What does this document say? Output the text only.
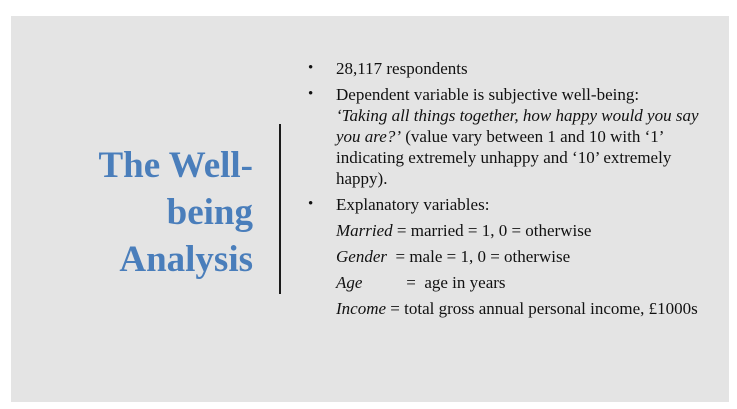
The Well-
being
Analysis
• 28,117 respondents
• Dependent variable is subjective well-being:
‘Taking all things together, how happy would you say you are?’ (value vary between 1 and 10 with ‘1’ indicating extremely unhappy and ‘10’ extremely happy).
• Explanatory variables:
Married = married = 1, 0 = otherwise
Gender  = male = 1, 0 = otherwise
Age =  age in years
Income = total gross annual personal income, £1000s
